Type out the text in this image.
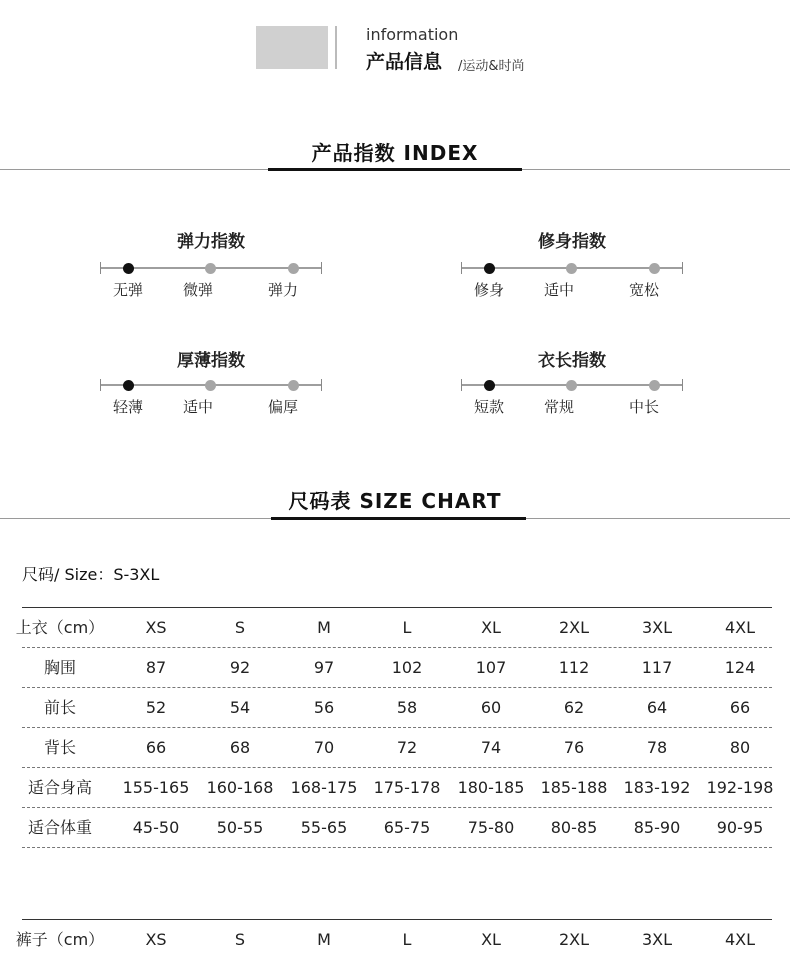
information
产品信息 /运动&时尚
产品指数 INDEX
弹力指数
无弹	微弹	弹力
修身指数
修身	适中	宽松
厚薄指数
轻薄	适中	偏厚
衣长指数
短款	常规	中长
尺码表 SIZE CHART
尺码/ Size：S-3XL
上衣（cm）	XS	S	M	L	XL	2XL	3XL	4XL
胸围	87	92	97	102	107	112	117	124
前长	52	54	56	58	60	62	64	66
背长	66	68	70	72	74	76	78	80
适合身高	155-165	160-168	168-175	175-178	180-185	185-188	183-192	192-198
适合体重	45-50	50-55	55-65	65-75	75-80	80-85	85-90	90-95
裤子（cm）	XS	S	M	L	XL	2XL	3XL	4XL
